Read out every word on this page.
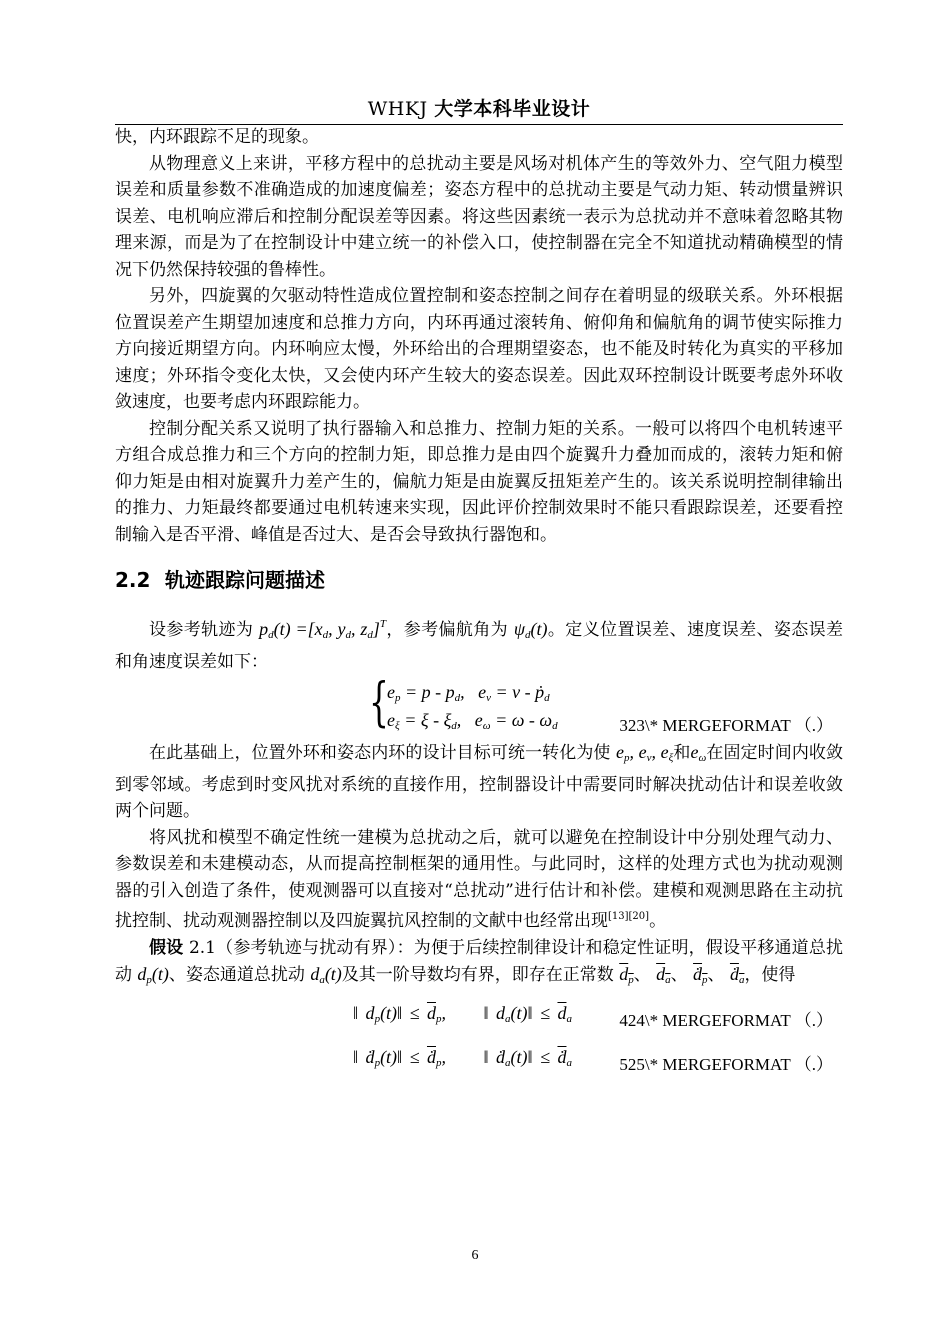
WHKJ 大学本科毕业设计

快，内环跟踪不足的现象。

从物理意义上来讲，平移方程中的总扰动主要是风场对机体产生的等效外力、空气阻力模型误差和质量参数不准确造成的加速度偏差；姿态方程中的总扰动主要是气动力矩、转动惯量辨识误差、电机响应滞后和控制分配误差等因素。将这些因素统一表示为总扰动并不意味着忽略其物理来源，而是为了在控制设计中建立统一的补偿入口，使控制器在完全不知道扰动精确模型的情况下仍然保持较强的鲁棒性。

另外，四旋翼的欠驱动特性造成位置控制和姿态控制之间存在着明显的级联关系。外环根据位置误差产生期望加速度和总推力方向，内环再通过滚转角、俯仰角和偏航角的调节使实际推力方向接近期望方向。内环响应太慢，外环给出的合理期望姿态，也不能及时转化为真实的平移加速度；外环指令变化太快，又会使内环产生较大的姿态误差。因此双环控制设计既要考虑外环收敛速度，也要考虑内环跟踪能力。

控制分配关系又说明了执行器输入和总推力、控制力矩的关系。一般可以将四个电机转速平方组合成总推力和三个方向的控制力矩，即总推力是由四个旋翼升力叠加而成的，滚转力矩和俯仰力矩是由相对旋翼升力差产生的，偏航力矩是由旋翼反扭矩差产生的。该关系说明控制律输出的推力、力矩最终都要通过电机转速来实现，因此评价控制效果时不能只看跟踪误差，还要看控制输入是否平滑、峰值是否过大、是否会导致执行器饱和。

2.2 轨迹跟踪问题描述

设参考轨迹为 $p_d(t) =[x_d$, $y_d$, $z_d]^T$，参考偏航角为 $\psi_d(t)$。定义位置误差、速度误差、姿态误差和角速度误差如下：

{
$e_p = p - p_d$,   $e_v = v$ - ṗ$_d$
$e_\xi = \xi - \xi_d$,   $e_\omega = \omega - \omega_d$	323\* MERGEFORMAT （.）

在此基础上，位置外环和姿态内环的设计目标可统一转化为使 $e_p$, $e_v$, $e_\xi$和$e_\omega$在固定时间内收敛到零邻域。考虑到时变风扰对系统的直接作用，控制器设计中需要同时解决扰动估计和误差收敛两个问题。

将风扰和模型不确定性统一建模为总扰动之后，就可以避免在控制设计中分别处理气动力、参数误差和未建模动态，从而提高控制框架的通用性。与此同时，这样的处理方式也为扰动观测器的引入创造了条件，使观测器可以直接对“总扰动”进行估计和补偿。建模和观测思路在主动抗扰控制、扰动观测器控制以及四旋翼抗风控制的文献中也经常出现[13][20]。

假设 2.1（参考轨迹与扰动有界）：为便于后续控制律设计和稳定性证明，假设平移通道总扰动 $d_p(t)$、姿态通道总扰动 $d_a(t)$及其一阶导数均有界，即存在正常数 $d_p$、 $d_a$、 ḋ$_p$、 ḋ$_a$，使得

‖ $d_p(t)‖ \le \overline{d}_p$,     ‖ $d_a(t)‖ \le \overline{d}_a$	424\* MERGEFORMAT （.）
‖ ḋ$_p$(t)‖ ≤ $\overline{ḋ}_p$,     ‖ ḋ$_a$(t)‖ ≤ $\overline{ḋ}_a$	525\* MERGEFORMAT （.）
6
